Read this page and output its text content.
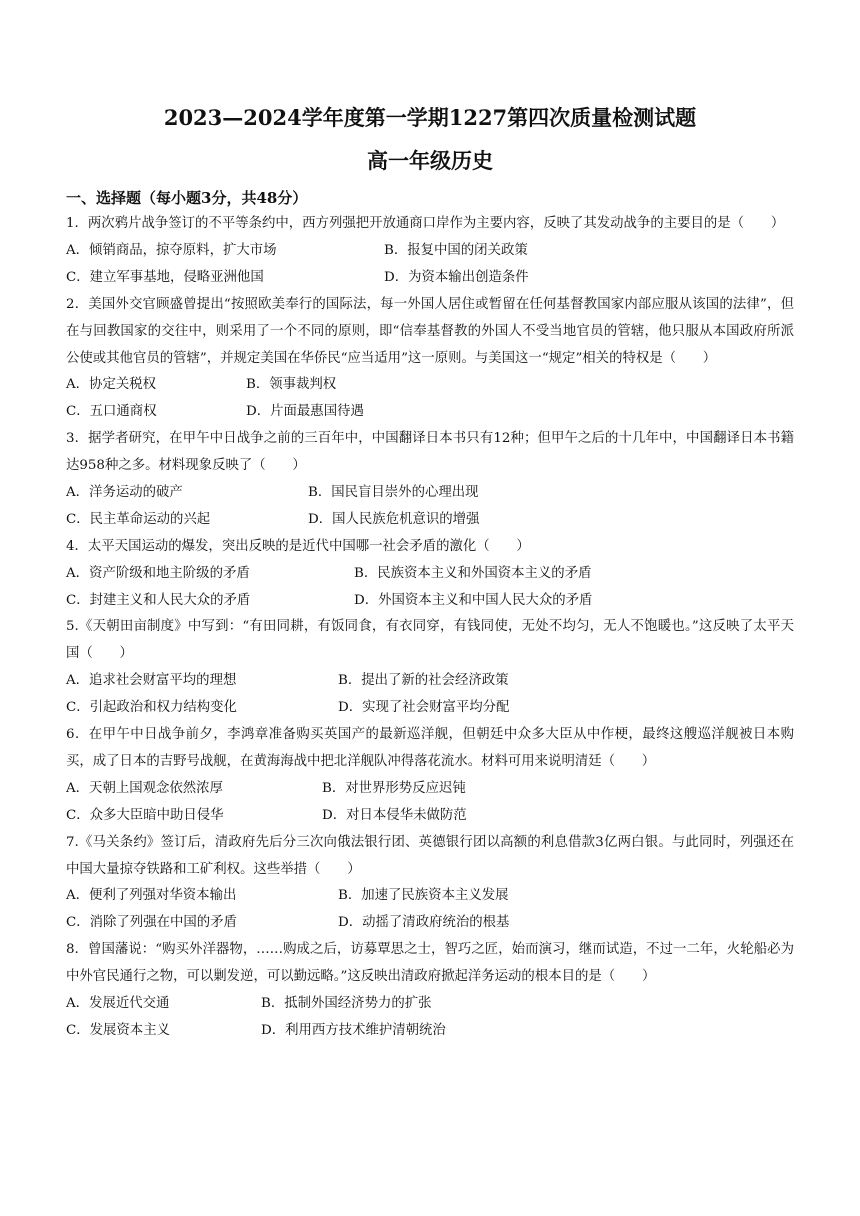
2023—2024学年度第一学期1227第四次质量检测试题
高一年级历史
一、选择题（每小题3分，共48分）

1．两次鸦片战争签订的不平等条约中，西方列强把开放通商口岸作为主要内容，反映了其发动战争的主要目的是（　　）

A．倾销商品，掠夺原料，扩大市场	B．报复中国的闭关政策
C．建立军事基地，侵略亚洲他国	D．为资本输出创造条件

2．美国外交官顾盛曾提出“按照欧美奉行的国际法，每一外国人居住或暂留在任何基督教国家内部应服从该国的法律”，但在与回教国家的交往中，则采用了一个不同的原则，即“信奉基督教的外国人不受当地官员的管辖，他只服从本国政府所派公使或其他官员的管辖”，并规定美国在华侨民“应当适用”这一原则。与美国这一“规定”相关的特权是（　　）

A．协定关税权	B．领事裁判权
C．五口通商权	D．片面最惠国待遇

3．据学者研究，在甲午中日战争之前的三百年中，中国翻译日本书只有12种；但甲午之后的十几年中，中国翻译日本书籍达958种之多。材料现象反映了（　　）

A．洋务运动的破产	B．国民盲目崇外的心理出现
C．民主革命运动的兴起	D．国人民族危机意识的增强

4．太平天国运动的爆发，突出反映的是近代中国哪一社会矛盾的激化（　　）

A．资产阶级和地主阶级的矛盾	B．民族资本主义和外国资本主义的矛盾
C．封建主义和人民大众的矛盾	D．外国资本主义和中国人民大众的矛盾

5.《天朝田亩制度》中写到：“有田同耕，有饭同食，有衣同穿，有钱同使，无处不均匀，无人不饱暖也。”这反映了太平天国（　　）

A．追求社会财富平均的理想	B．提出了新的社会经济政策
C．引起政治和权力结构变化	D．实现了社会财富平均分配

6．在甲午中日战争前夕，李鸿章准备购买英国产的最新巡洋舰，但朝廷中众多大臣从中作梗，最终这艘巡洋舰被日本购买，成了日本的吉野号战舰，在黄海海战中把北洋舰队冲得落花流水。材料可用来说明清廷（　　）

A．天朝上国观念依然浓厚	B．对世界形势反应迟钝
C．众多大臣暗中助日侵华	D．对日本侵华未做防范

7.《马关条约》签订后，清政府先后分三次向俄法银行团、英德银行团以高额的利息借款3亿两白银。与此同时，列强还在中国大量掠夺铁路和工矿利权。这些举措（　　）

A．便利了列强对华资本输出	B．加速了民族资本主义发展
C．消除了列强在中国的矛盾	D．动摇了清政府统治的根基

8．曾国藩说：“购买外洋器物，……购成之后，访募覃思之士，智巧之匠，始而演习，继而试造，不过一二年，火轮船必为中外官民通行之物，可以剿发逆，可以勤远略。”这反映出清政府掀起洋务运动的根本目的是（　　）

A．发展近代交通	B．抵制外国经济势力的扩张
C．发展资本主义	D．利用西方技术维护清朝统治
